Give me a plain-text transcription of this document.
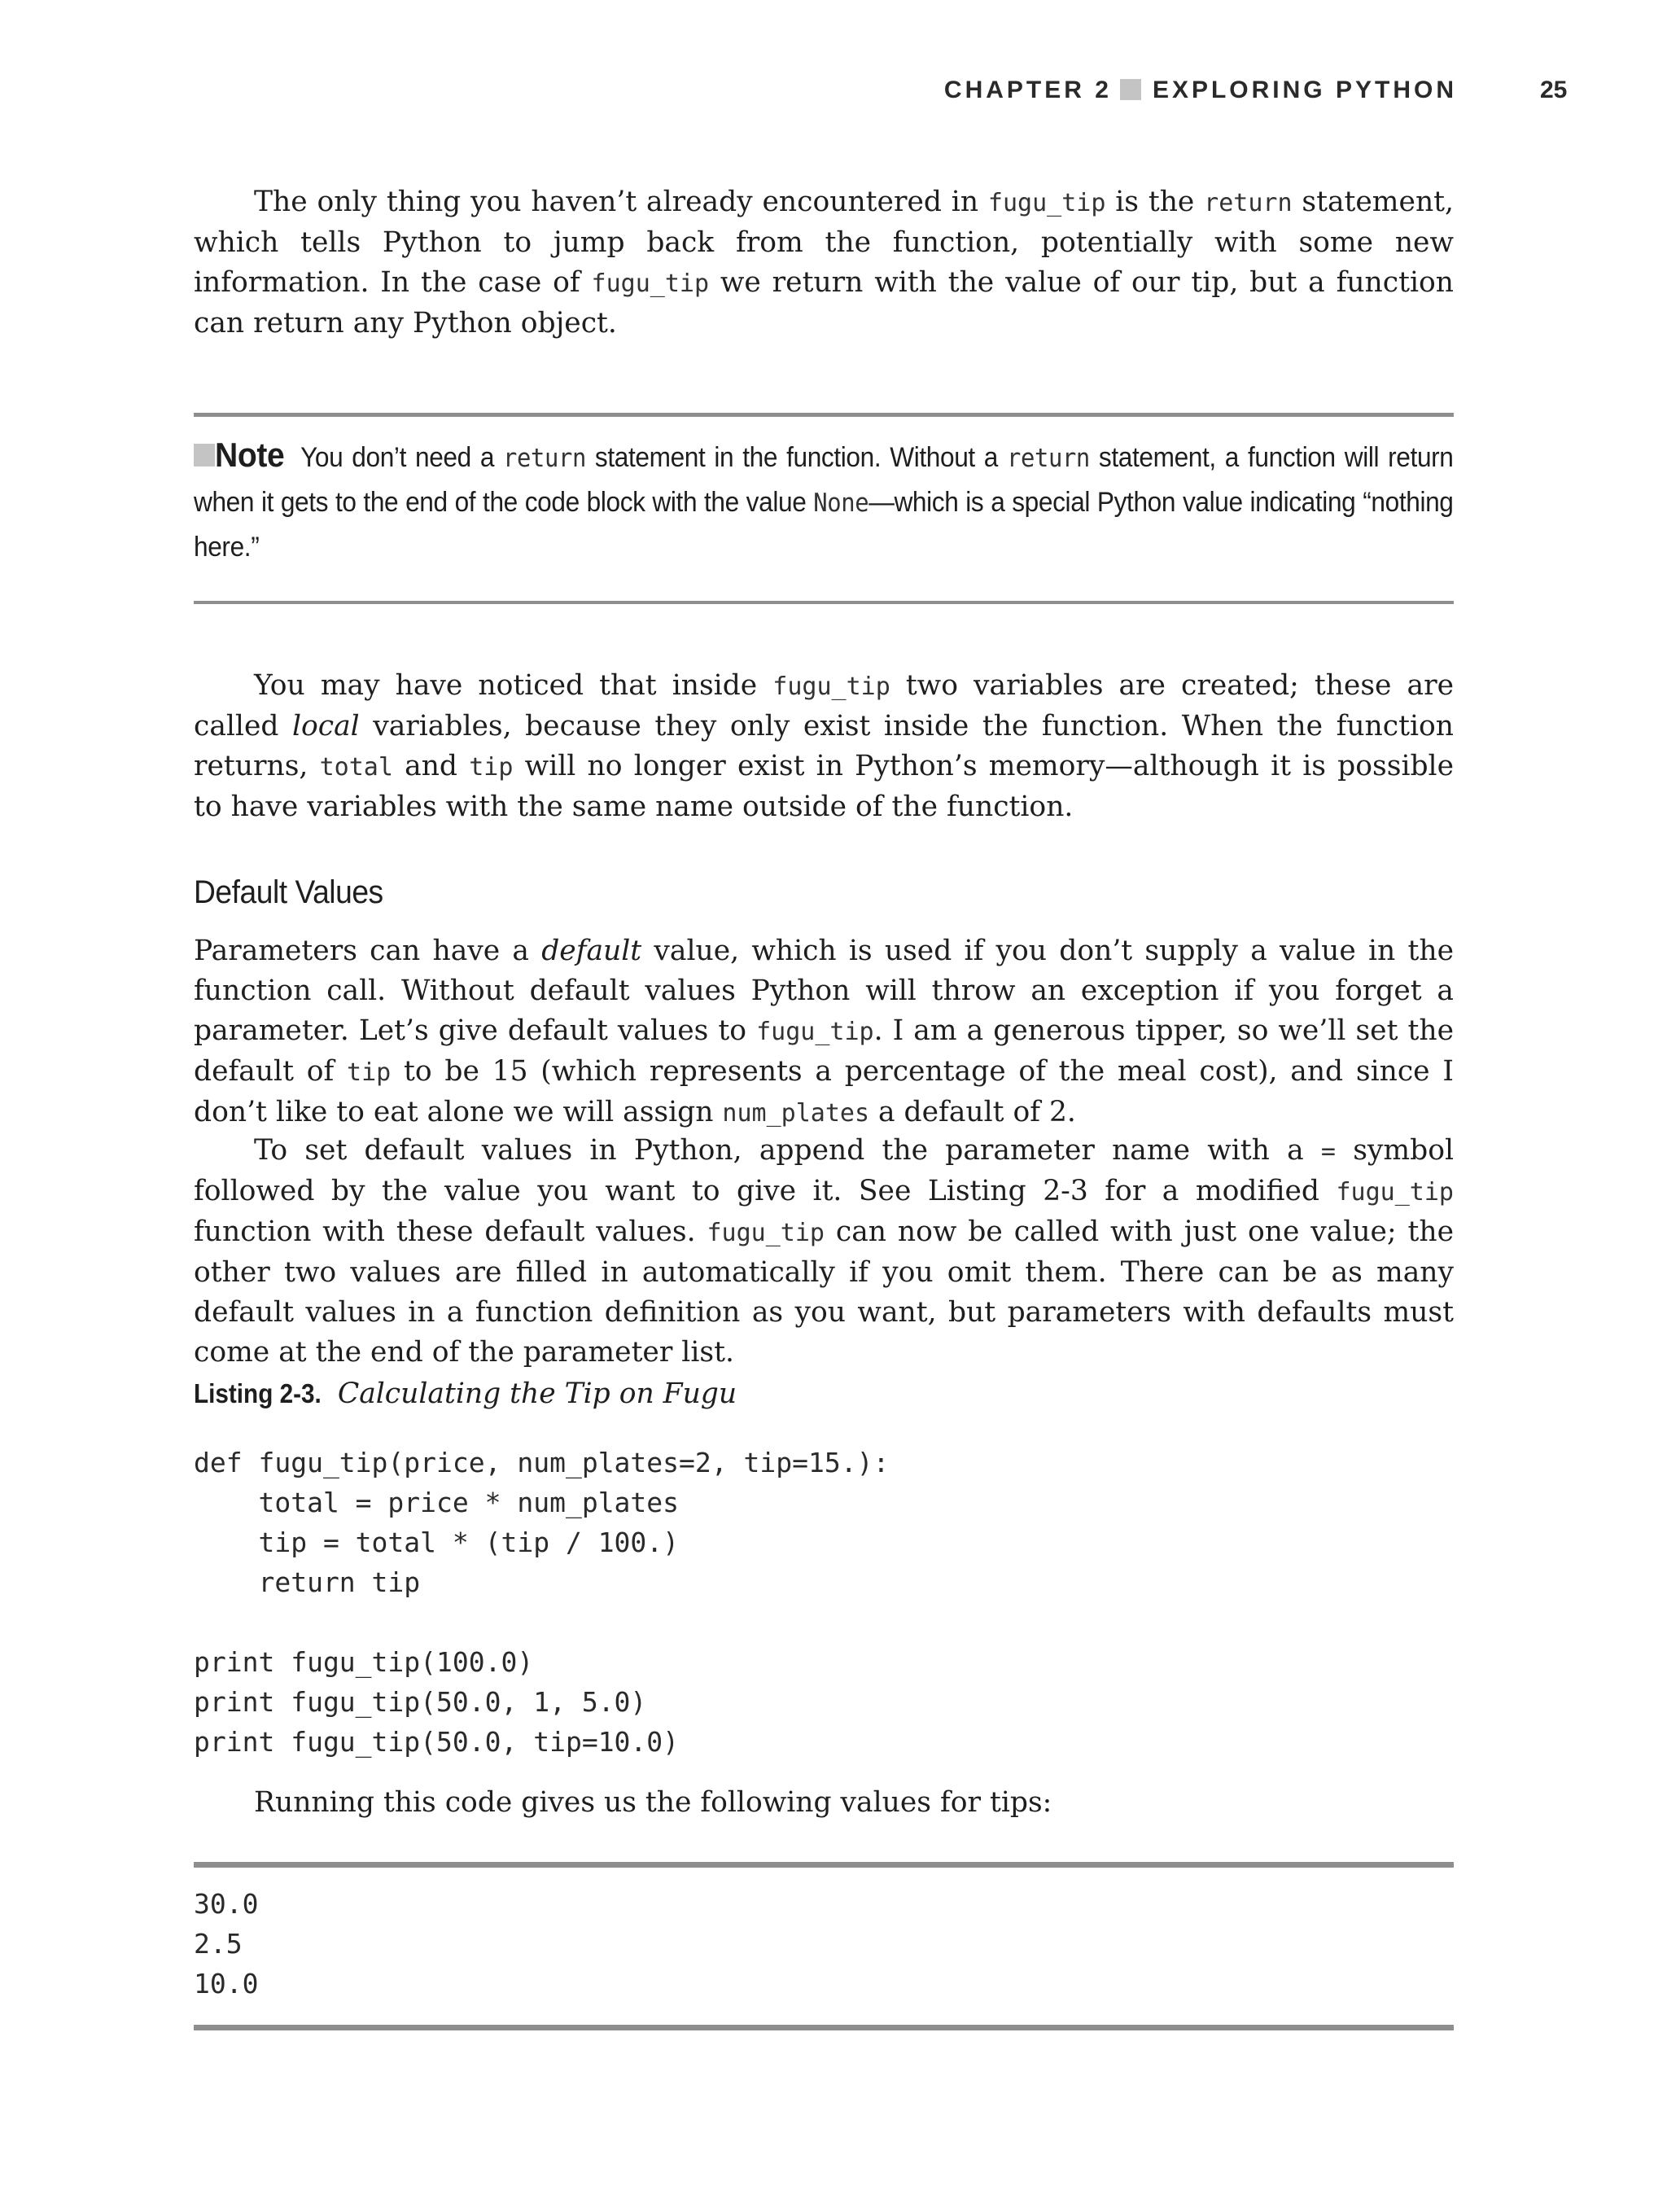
CHAPTER 2 EXPLORING PYTHON	25

The only thing you haven’t already encountered in fugu_tip is the return statement, which tells Python to jump back from the function, potentially with some new information. In the case of fugu_tip we return with the value of our tip, but a function can return any Python object.

Note You don’t need a return statement in the function. Without a return statement, a function will return when it gets to the end of the code block with the value None—which is a special Python value indicating “nothing here.”

You may have noticed that inside fugu_tip two variables are created; these are called local variables, because they only exist inside the function. When the function returns, total and tip will no longer exist in Python’s memory—although it is possible to have variables with the same name outside of the function.

Default Values

Parameters can have a default value, which is used if you don’t supply a value in the function call. Without default values Python will throw an exception if you forget a parameter. Let’s give default values to fugu_tip. I am a generous tipper, so we’ll set the default of tip to be 15 (which represents a percentage of the meal cost), and since I don’t like to eat alone we will assign num_plates a default of 2.

To set default values in Python, append the parameter name with a = symbol followed by the value you want to give it. See Listing 2-3 for a modified fugu_tip function with these default values. fugu_tip can now be called with just one value; the other two values are filled in automatically if you omit them. There can be as many default values in a function definition as you want, but parameters with defaults must come at the end of the parameter list.

Listing 2-3. Calculating the Tip on Fugu
def fugu_tip(price, num_plates=2, tip=15.):
total = price * num_plates
tip = total * (tip / 100.)
return tip

print fugu_tip(100.0)
print fugu_tip(50.0, 1, 5.0)
print fugu_tip(50.0, tip=10.0)

Running this code gives us the following values for tips:

30.0
2.5
10.0
